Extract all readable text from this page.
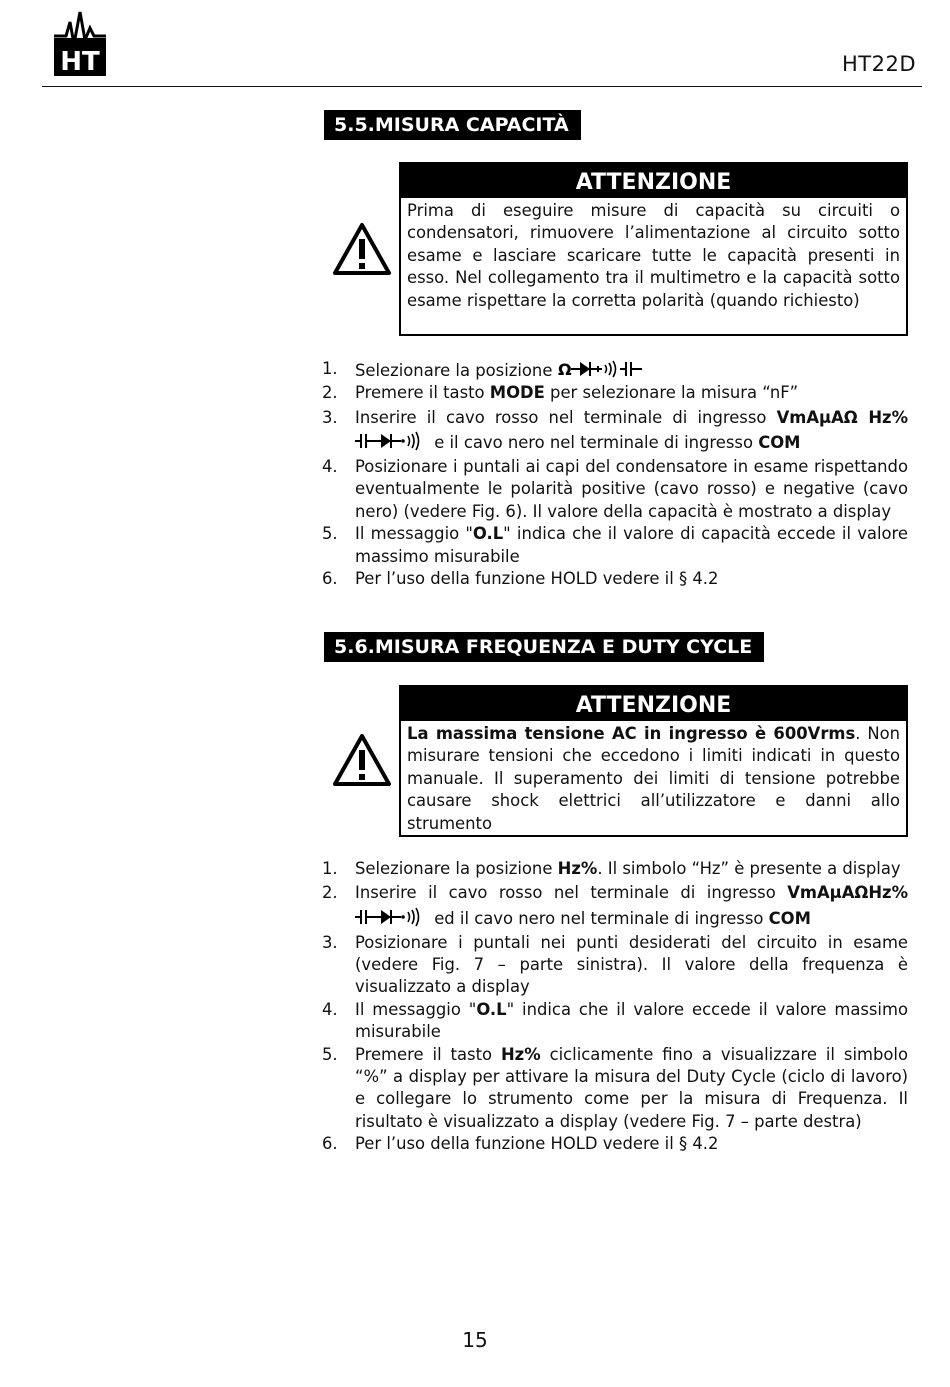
HT	HT22D
5.5.MISURA CAPACITÀ
ATTENZIONE
Prima di eseguire misure di capacità su circuiti o condensatori, rimuovere l’alimentazione al circuito sotto esame e lasciare scaricare tutte le capacità presenti in esso. Nel collegamento tra il multimetro e la capacità sotto esame rispettare la corretta polarità (quando richiesto)
1. Selezionare la posizione Ω
2. Premere il tasto MODE per selezionare la misura “nF”
3. Inserire il cavo rosso nel terminale di ingresso VmAµAΩ Hz% e il cavo nero nel terminale di ingresso COM
4. Posizionare i puntali ai capi del condensatore in esame rispettando eventualmente le polarità positive (cavo rosso) e negative (cavo nero) (vedere Fig. 6). Il valore della capacità è mostrato a display
5. Il messaggio "O.L" indica che il valore di capacità eccede il valore massimo misurabile
6. Per l’uso della funzione HOLD vedere il § 4.2
5.6.MISURA FREQUENZA E DUTY CYCLE
ATTENZIONE
La massima tensione AC in ingresso è 600Vrms. Non misurare tensioni che eccedono i limiti indicati in questo manuale. Il superamento dei limiti di tensione potrebbe causare shock elettrici all’utilizzatore e danni allo strumento
1. Selezionare la posizione Hz%. Il simbolo “Hz” è presente a display
2. Inserire il cavo rosso nel terminale di ingresso VmAµAΩHz% ed il cavo nero nel terminale di ingresso COM
3. Posizionare i puntali nei punti desiderati del circuito in esame (vedere Fig. 7 – parte sinistra). Il valore della frequenza è visualizzato a display
4. Il messaggio "O.L" indica che il valore eccede il valore massimo misurabile
5. Premere il tasto Hz% ciclicamente fino a visualizzare il simbolo “%” a display per attivare la misura del Duty Cycle (ciclo di lavoro) e collegare lo strumento come per la misura di Frequenza. Il risultato è visualizzato a display (vedere Fig. 7 – parte destra)
6. Per l’uso della funzione HOLD vedere il § 4.2
15
